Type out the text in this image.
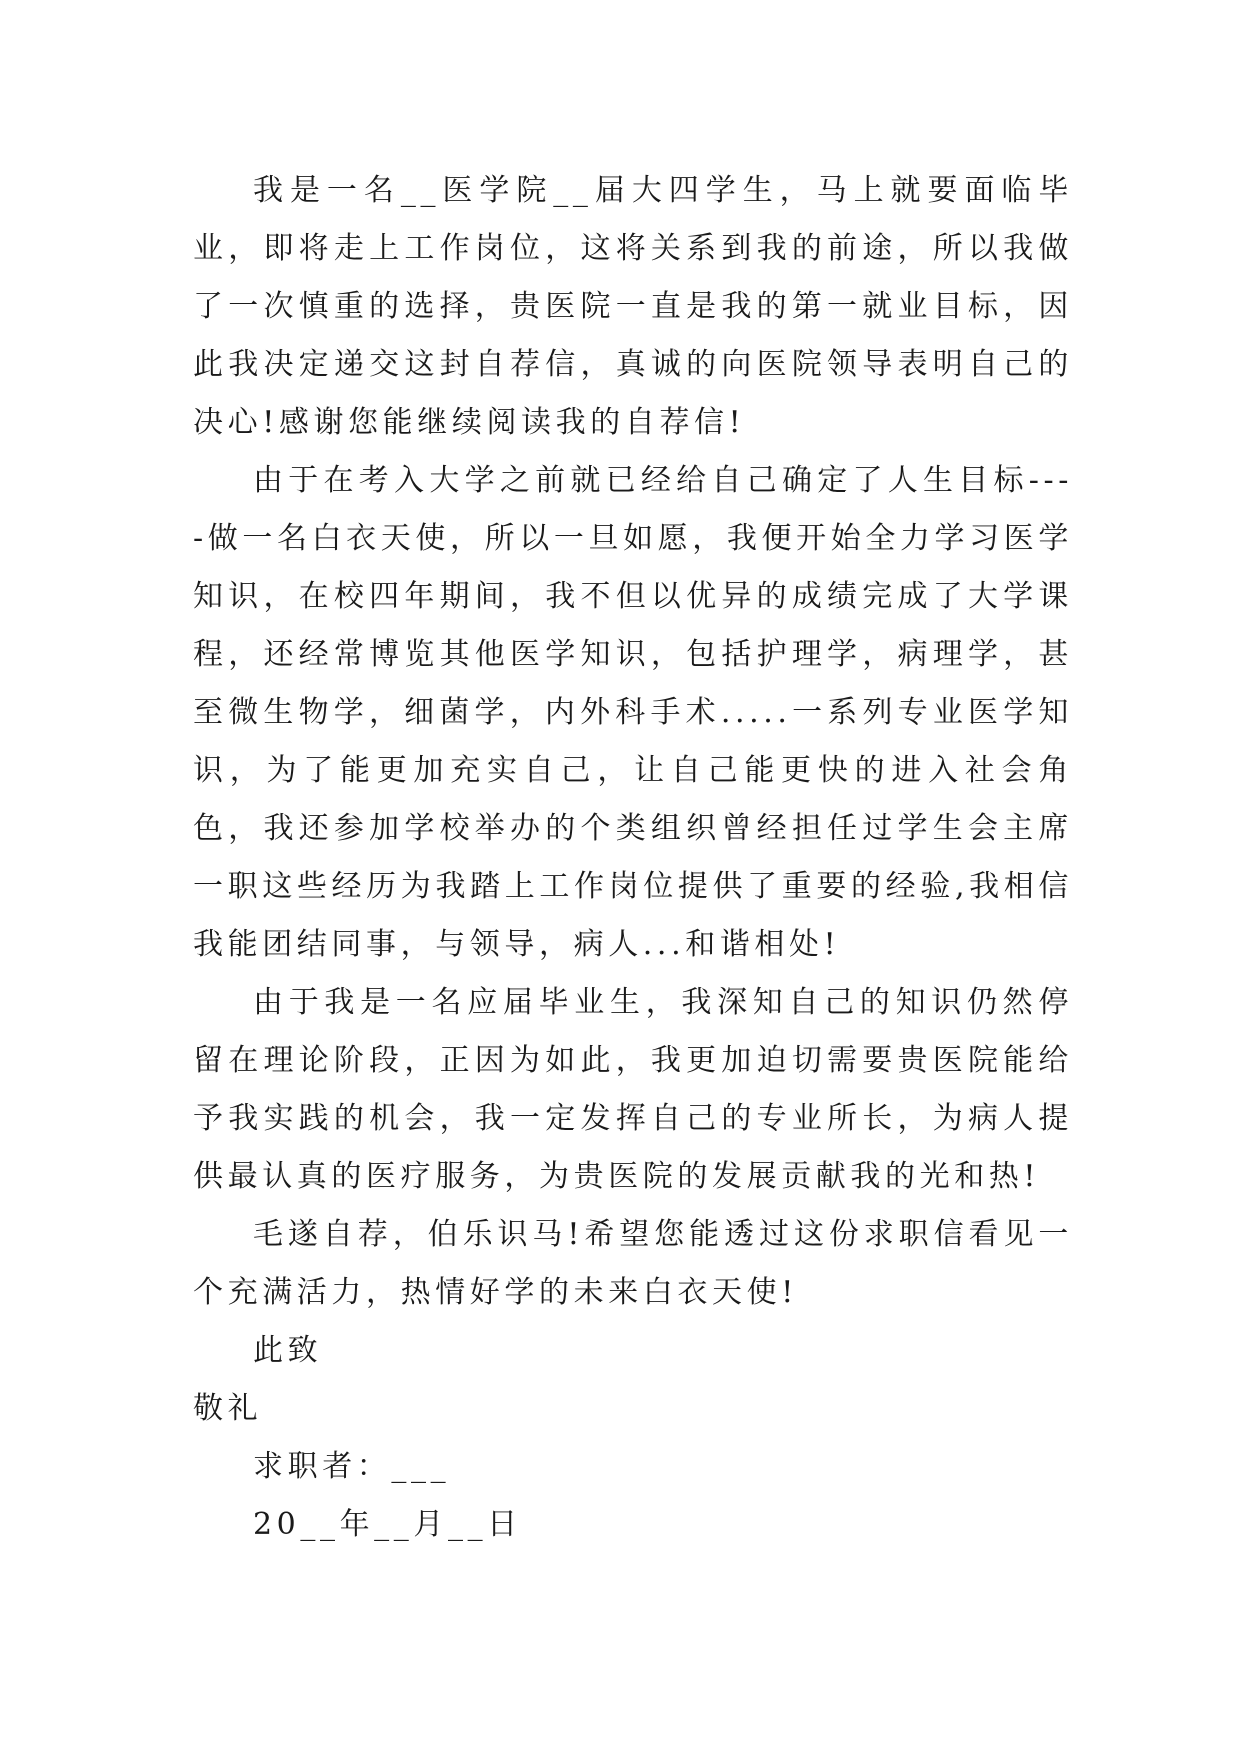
我是一名__医学院__届大四学生，马上就要面临毕业，即将走上工作岗位，这将关系到我的前途，所以我做了一次慎重的选择，贵医院一直是我的第一就业目标，因此我决定递交这封自荐信，真诚的向医院领导表明自己的决心!感谢您能继续阅读我的自荐信!

由于在考入大学之前就已经给自己确定了人生目标----做一名白衣天使，所以一旦如愿，我便开始全力学习医学知识，在校四年期间，我不但以优异的成绩完成了大学课程，还经常博览其他医学知识，包括护理学，病理学，甚至微生物学，细菌学，内外科手术.....一系列专业医学知识，为了能更加充实自己，让自己能更快的进入社会角色，我还参加学校举办的个类组织曾经担任过学生会主席一职这些经历为我踏上工作岗位提供了重要的经验,我相信我能团结同事，与领导，病人...和谐相处!

由于我是一名应届毕业生，我深知自己的知识仍然停留在理论阶段，正因为如此，我更加迫切需要贵医院能给予我实践的机会，我一定发挥自己的专业所长，为病人提供最认真的医疗服务，为贵医院的发展贡献我的光和热!

毛遂自荐，伯乐识马!希望您能透过这份求职信看见一个充满活力，热情好学的未来白衣天使!

此致

敬礼

求职者：___

20__年__月__日
